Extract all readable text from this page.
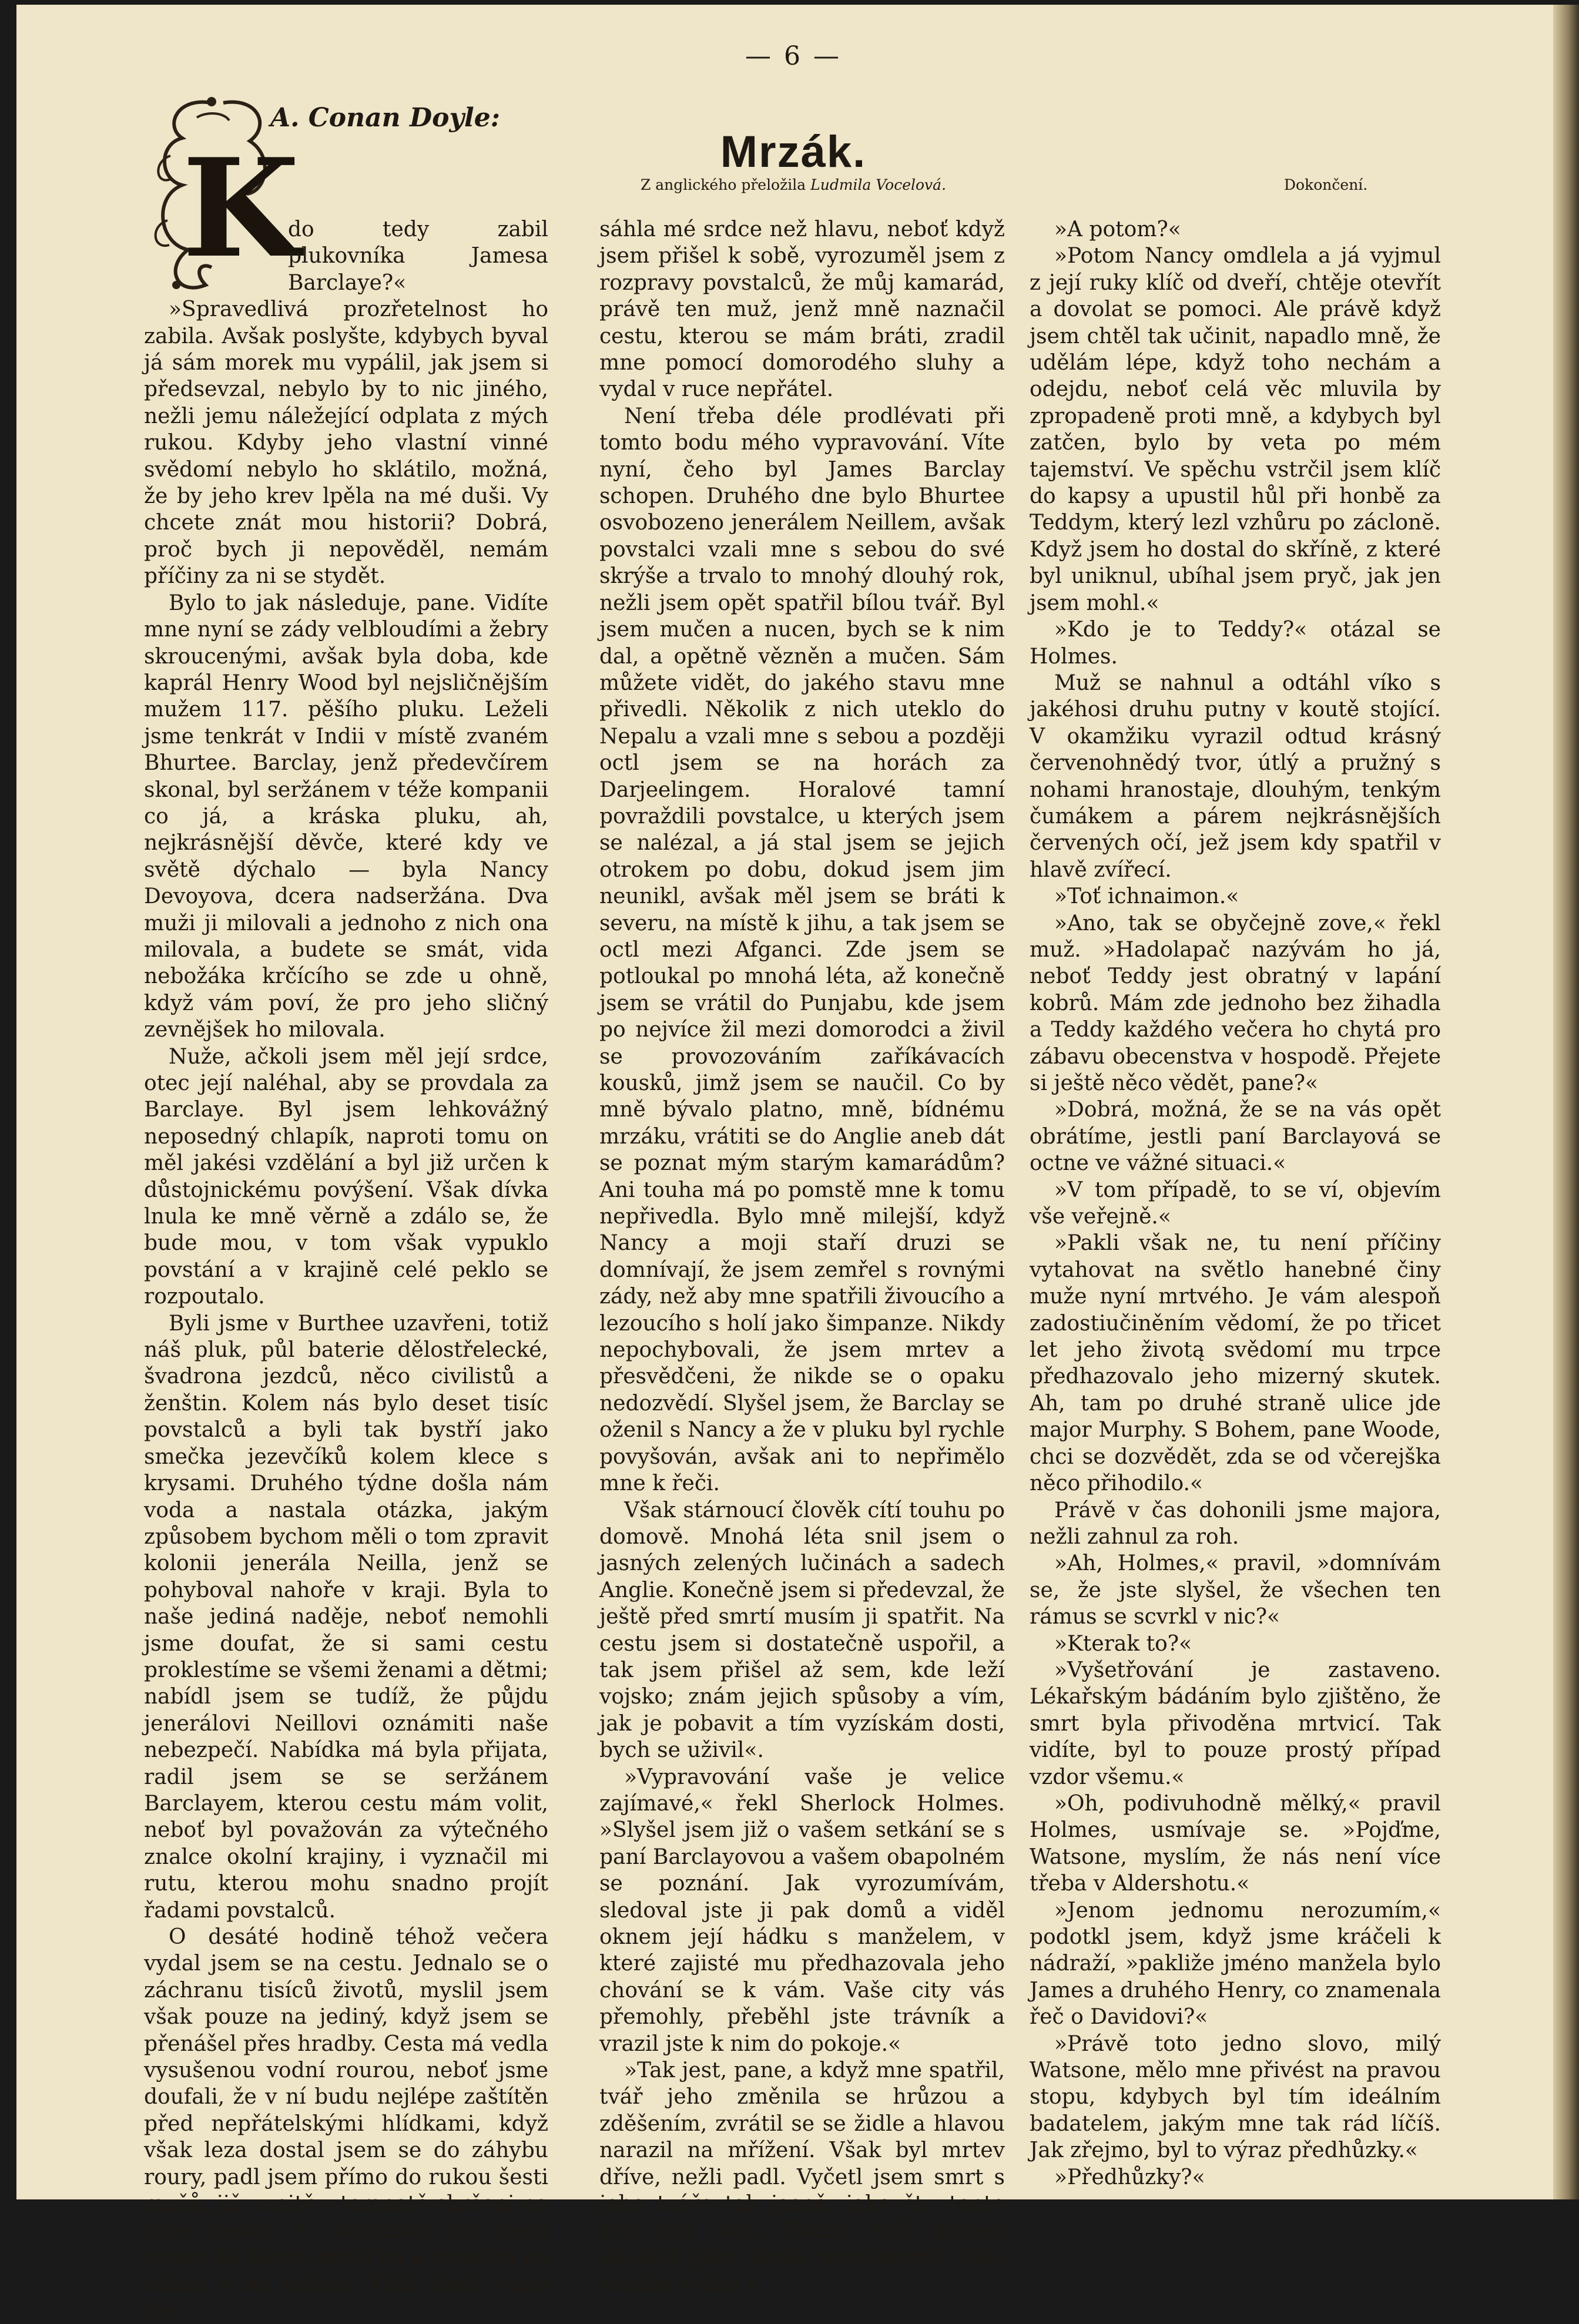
— 6 —
A. Conan Doyle:
Mrzák.
Z anglického přeložila Ludmila Vocelová.	Dokončení.
K

do tedy zabil plukovníka Jamesa Barclaye?«

»Spravedlivá prozřetelnost ho zabila. Avšak poslyšte, kdybych byval já sám morek mu vypálil, jak jsem si předsevzal, nebylo by to nic jiného, nežli jemu náležející odplata z mých rukou. Kdyby jeho vlastní vinné svědomí nebylo ho sklátilo, možná, že by jeho krev lpěla na mé duši. Vy chcete znát mou historii? Dobrá, proč bych ji nepověděl, nemám příčiny za ni se stydět.

Bylo to jak následuje, pane. Vidíte mne nyní se zády velbloudími a žebry skroucenými, avšak byla doba, kde kaprál Henry Wood byl nejsličnějším mužem 117. pěšího pluku. Leželi jsme tenkrát v Indii v místě zvaném Bhurtee. Barclay, jenž předevčírem skonal, byl seržánem v téže kompanii co já, a kráska pluku, ah, nejkrásnější děvče, které kdy ve světě dýchalo — byla Nancy Devoyova, dcera nadseržána. Dva muži ji milovali a jednoho z nich ona milovala, a budete se smát, vida nebožáka krčícího se zde u ohně, když vám poví, že pro jeho sličný zevnějšek ho milovala.

Nuže, ačkoli jsem měl její srdce, otec její naléhal, aby se provdala za Barclaye. Byl jsem lehkovážný neposedný chlapík, naproti tomu on měl jakési vzdělání a byl již určen k důstojnickému povýšení. Však dívka lnula ke mně věrně a zdálo se, že bude mou, v tom však vypuklo povstání a v krajině celé peklo se rozpoutalo.

Byli jsme v Burthee uzavřeni, totiž náš pluk, půl baterie dělostřelecké, švadrona jezdců, něco civilistů a ženštin. Kolem nás bylo deset tisíc povstalců a byli tak bystří jako smečka jezevčíků kolem klece s krysami. Druhého týdne došla nám voda a nastala otázka, jakým způsobem bychom měli o tom zpravit kolonii jenerála Neilla, jenž se pohyboval nahoře v kraji. Byla to naše jediná naděje, neboť nemohli jsme doufat, že si sami cestu proklestíme se všemi ženami a dětmi; nabídl jsem se tudíž, že půjdu jenerálovi Neillovi oznámiti naše nebezpečí. Nabídka má byla přijata, radil jsem se se seržánem Barclayem, kterou cestu mám volit, neboť byl považován za výtečného znalce okolní krajiny, i vyznačil mi rutu, kterou mohu snadno projít řadami povstalců.

O desáté hodině téhož večera vydal jsem se na cestu. Jednalo se o záchranu tisíců životů, myslil jsem však pouze na jediný, když jsem se přenášel přes hradby. Cesta má vedla vysušenou vodní rourou, neboť jsme doufali, že v ní budu nejlépe zaštítěn před nepřátelskými hlídkami, když však leza dostal jsem se do záhybu roury, padl jsem přímo do rukou šesti mužů, již uvnitř v temnotě skrčeni na mne čekali. V okamžiku byl jsem ranou do hlavy omráčen a spoután na rukou a na nohou. Však horší rána za-

sáhla mé srdce než hlavu, neboť když jsem přišel k sobě, vyrozuměl jsem z rozpravy povstalců, že můj kamarád, právě ten muž, jenž mně naznačil cestu, kterou se mám bráti, zradil mne pomocí domorodého sluhy a vydal v ruce nepřátel.

Není třeba déle prodlévati při tomto bodu mého vypravování. Víte nyní, čeho byl James Barclay schopen. Druhého dne bylo Bhurtee osvobozeno jenerálem Neillem, avšak povstalci vzali mne s sebou do své skrýše a trvalo to mnohý dlouhý rok, nežli jsem opět spatřil bílou tvář. Byl jsem mučen a nucen, bych se k nim dal, a opětně vězněn a mučen. Sám můžete vidět, do jakého stavu mne přivedli. Několik z nich uteklo do Nepalu a vzali mne s sebou a později octl jsem se na horách za Darjeelingem. Horalové tamní povraždili povstalce, u kterých jsem se nalézal, a já stal jsem se jejich otrokem po dobu, dokud jsem jim neunikl, avšak měl jsem se bráti k severu, na místě k jihu, a tak jsem se octl mezi Afganci. Zde jsem se potloukal po mnohá léta, až konečně jsem se vrátil do Punjabu, kde jsem po nejvíce žil mezi domorodci a živil se provozováním zaříkávacích kousků, jimž jsem se naučil. Co by mně bývalo platno, mně, bídnému mrzáku, vrátiti se do Anglie aneb dát se poznat mým starým kamarádům? Ani touha má po pomstě mne k tomu nepřivedla. Bylo mně milejší, když Nancy a moji staří druzi se domnívají, že jsem zemřel s rovnými zády, než aby mne spatřili živoucího a lezoucího s holí jako šimpanze. Nikdy nepochybovali, že jsem mrtev a přesvědčeni, že nikde se o opaku nedozvědí. Slyšel jsem, že Barclay se oženil s Nancy a že v pluku byl rychle povyšován, avšak ani to nepřimělo mne k řeči.

Však stárnoucí člověk cítí touhu po domově. Mnohá léta snil jsem o jasných zelených lučinách a sadech Anglie. Konečně jsem si předevzal, že ještě před smrtí musím ji spatřit. Na cestu jsem si dostatečně uspořil, a tak jsem přišel až sem, kde leží vojsko; znám jejich spůsoby a vím, jak je pobavit a tím vyzískám dosti, bych se uživil«.

»Vypravování vaše je velice zajímavé,« řekl Sherlock Holmes. »Slyšel jsem již o vašem setkání se s paní Barclayovou a vašem obapolném se poznání. Jak vyrozumívám, sledoval jste ji pak domů a viděl oknem její hádku s manželem, v které zajisté mu předhazovala jeho chování se k vám. Vaše city vás přemohly, přeběhl jste trávník a vrazil jste k nim do pokoje.«

»Tak jest, pane, a když mne spatřil, tvář jeho změnila se hrůzou a zděšením, zvrátil se se židle a hlavou narazil na mřížení. Však byl mrtev dříve, nežli padl. Vyčetl jsem smrt s jeho tváře tak jasně, jako čtu tento text při ohni. Pouhý můj pohled působil jako koule proniknuvší jeho zrádné srdce.«

»A potom?«

»Potom Nancy omdlela a já vyjmul z její ruky klíč od dveří, chtěje otevřít a dovolat se pomoci. Ale právě když jsem chtěl tak učinit, napadlo mně, že udělám lépe, když toho nechám a odejdu, neboť celá věc mluvila by zpropadeně proti mně, a kdybych byl zatčen, bylo by veta po mém tajemství. Ve spěchu vstrčil jsem klíč do kapsy a upustil hůl při honbě za Teddym, který lezl vzhůru po záclonĕ. Když jsem ho dostal do skříně, z které byl uniknul, ubíhal jsem pryč, jak jen jsem mohl.«

»Kdo je to Teddy?« otázal se Holmes.

Muž se nahnul a odtáhl víko s jakéhosi druhu putny v koutě stojící. V okamžiku vyrazil odtud krásný červenohnědý tvor, útlý a pružný s nohami hranostaje, dlouhým, tenkým čumákem a párem nejkrásnějších červených očí, jež jsem kdy spatřil v hlavě zvířecí.

»Toť ichnaimon.«

»Ano, tak se obyčejně zove,« řekl muž. »Hadolapač nazývám ho já, neboť Teddy jest obratný v lapání kobrů. Mám zde jednoho bez žihadla a Teddy každého večera ho chytá pro zábavu obecenstva v hospodě. Přejete si ještě něco vědět, pane?«

»Dobrá, možná, že se na vás opět obrátíme, jestli paní Barclayová se octne ve vážné situaci.«

»V tom případě, to se ví, objevím vše veřejně.«

»Pakli však ne, tu není příčiny vytahovat na světlo hanebné činy muže nyní mrtvého. Je vám alespoň zadostiučiněním vědomí, že po třicet let jeho životą svědomí mu trpce předhazovalo jeho mizerný skutek. Ah, tam po druhé straně ulice jde major Murphy. S Bohem, pane Woode, chci se dozvědět, zda se od včerejška něco přihodilo.«

Právě v čas dohonili jsme majora, nežli zahnul za roh.

»Ah, Holmes,« pravil, »domnívám se, že jste slyšel, že všechen ten rámus se scvrkl v nic?«

»Kterak to?«

»Vyšetřování je zastaveno. Lékařským bádáním bylo zjištěno, že smrt byla přivoděna mrtvicí. Tak vidíte, byl to pouze prostý případ vzdor všemu.«

»Oh, podivuhodně mělký,« pravil Holmes, usmívaje se. »Pojďme, Watsone, myslím, že nás není více třeba v Aldershotu.«

»Jenom jednomu nerozumím,« podotkl jsem, když jsme kráčeli k nádraží, »pakliže jméno manžela bylo James a druhého Henry, co znamenala řeč o Davidovi?«

»Právě toto jedno slovo, milý Watsone, mělo mne přivést na pravou stopu, kdybych byl tím ideálním badatelem, jakým mne tak rád líčíš. Jak zřejmo, byl to výraz předhůzky.«

»Předhůzky?«
